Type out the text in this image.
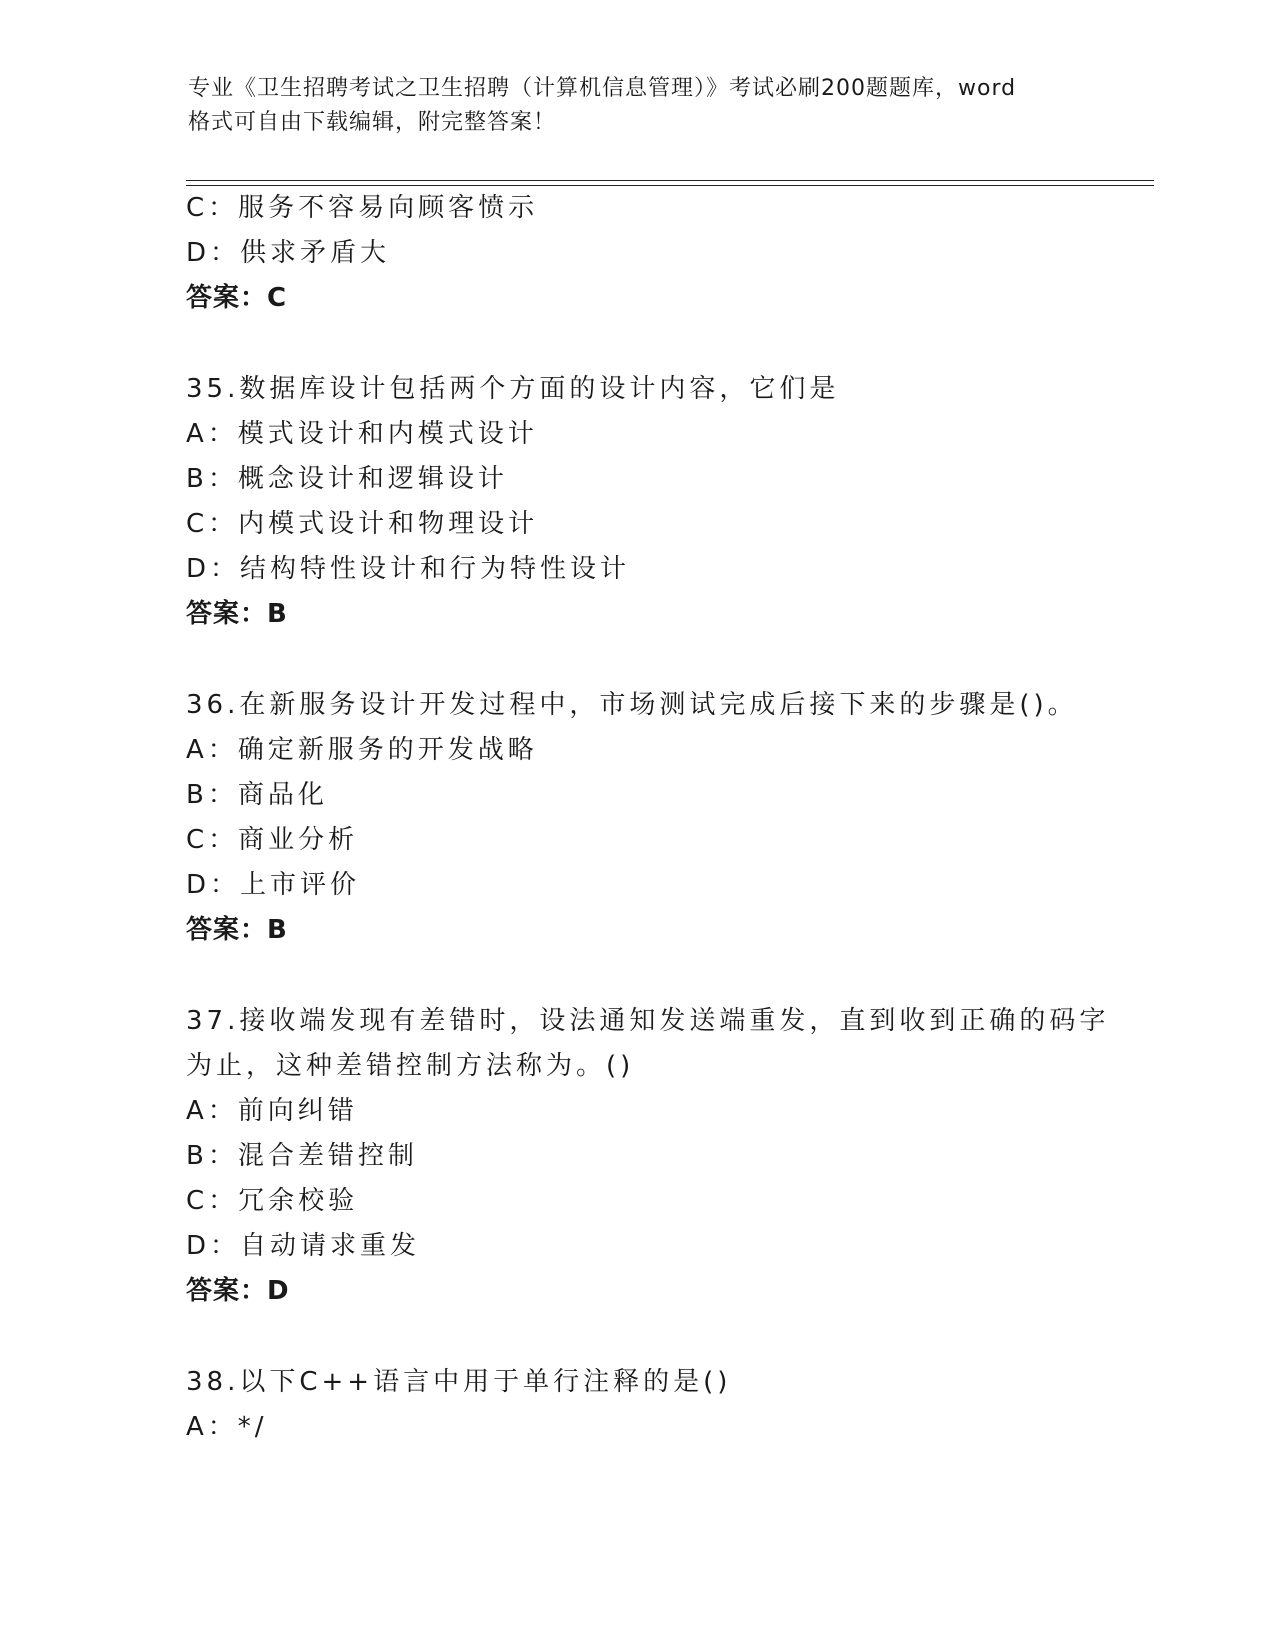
专业《卫生招聘考试之卫生招聘（计算机信息管理）》考试必刷200题题库，word
格式可自由下载编辑，附完整答案！
C：服务不容易向顾客愤示
D：供求矛盾大
答案：C
35.数据库设计包括两个方面的设计内容，它们是
A：模式设计和内模式设计
B：概念设计和逻辑设计
C：内模式设计和物理设计
D：结构特性设计和行为特性设计
答案：B
36.在新服务设计开发过程中，市场测试完成后接下来的步骤是()。
A：确定新服务的开发战略
B：商品化
C：商业分析
D：上市评价
答案：B
37.接收端发现有差错时，设法通知发送端重发，直到收到正确的码字
为止，这种差错控制方法称为。()
A：前向纠错
B：混合差错控制
C：冗余校验
D：自动请求重发
答案：D
38.以下C++语言中用于单行注释的是()
A：*/
